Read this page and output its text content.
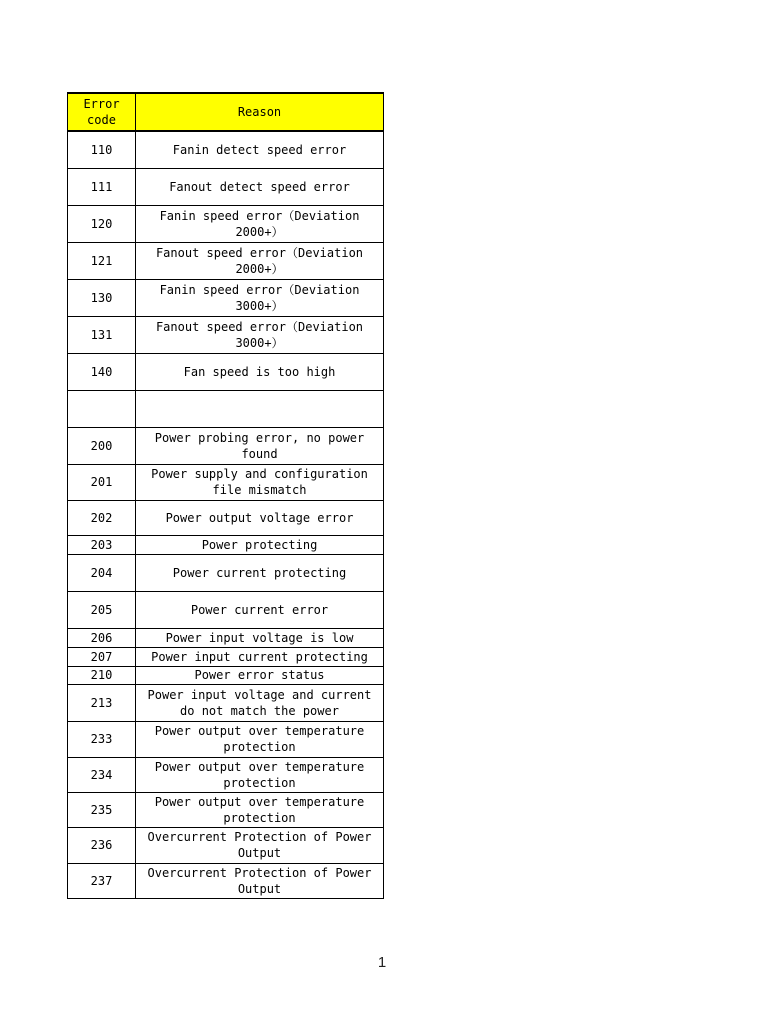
Error code	Reason
110	Fanin detect speed error
111	Fanout detect speed error
120	Fanin speed error（Deviation 2000+）
121	Fanout speed error（Deviation 2000+）
130	Fanin speed error（Deviation 3000+）
131	Fanout speed error（Deviation 3000+）
140	Fan speed is too high

200	Power probing error, no power found
201	Power supply and configuration file mismatch
202	Power output voltage error
203	Power protecting
204	Power current protecting
205	Power current error
206	Power input voltage is low
207	Power input current protecting
210	Power error status
213	Power input voltage and current do not match the power
233	Power output over temperature protection
234	Power output over temperature protection
235	Power output over temperature protection
236	Overcurrent Protection of Power Output
237	Overcurrent Protection of Power Output
1
